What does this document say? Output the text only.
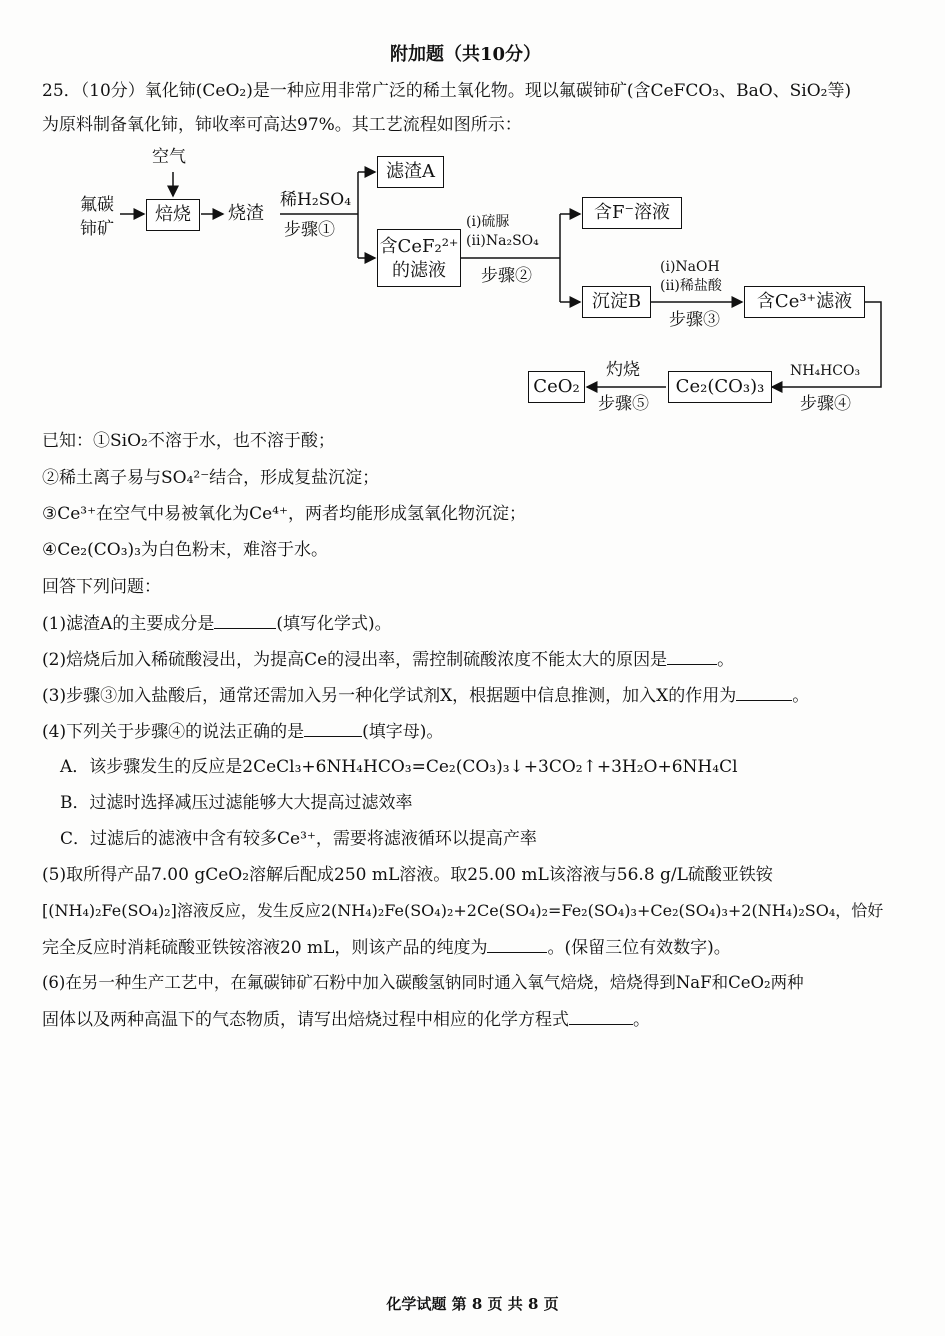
附加题（共10分）
25．（10分）氧化铈(CeO₂)是一种应用非常广泛的稀土氧化物。现以氟碳铈矿(含CeFCO₃、BaO、SiO₂等)
为原料制备氧化铈，铈收率可高达97%。其工艺流程如图所示：
空气
氟碳铈矿
焙烧	烧渣
稀H₂SO₄
步骤①
滤渣A
含CeF₂²⁺的滤液
(i)硫脲
(ii)Na₂SO₄
步骤②
含F⁻溶液
沉淀B
(i)NaOH
(ii)稀盐酸
步骤③
含Ce³⁺滤液
NH₄HCO₃
步骤④
Ce₂(CO₃)₃
灼烧
步骤⑤
CeO₂
已知：①SiO₂不溶于水，也不溶于酸；
②稀土离子易与SO₄²⁻结合，形成复盐沉淀；
③Ce³⁺在空气中易被氧化为Ce⁴⁺，两者均能形成氢氧化物沉淀；
④Ce₂(CO₃)₃为白色粉末，难溶于水。
回答下列问题：
(1)滤渣A的主要成分是	(填写化学式)。
(2)焙烧后加入稀硫酸浸出，为提高Ce的浸出率，需控制硫酸浓度不能太大的原因是	。
(3)步骤③加入盐酸后，通常还需加入另一种化学试剂X，根据题中信息推测，加入X的作用为	。
(4)下列关于步骤④的说法正确的是	(填字母)。
A．该步骤发生的反应是2CeCl₃+6NH₄HCO₃=Ce₂(CO₃)₃↓+3CO₂↑+3H₂O+6NH₄Cl
B．过滤时选择减压过滤能够大大提高过滤效率
C．过滤后的滤液中含有较多Ce³⁺，需要将滤液循环以提高产率
(5)取所得产品7.00 gCeO₂溶解后配成250 mL溶液。取25.00 mL该溶液与56.8 g/L硫酸亚铁铵
[(NH₄)₂Fe(SO₄)₂]溶液反应，发生反应2(NH₄)₂Fe(SO₄)₂+2Ce(SO₄)₂=Fe₂(SO₄)₃+Ce₂(SO₄)₃+2(NH₄)₂SO₄，恰好
完全反应时消耗硫酸亚铁铵溶液20 mL，则该产品的纯度为	。(保留三位有效数字)。
(6)在另一种生产工艺中，在氟碳铈矿石粉中加入碳酸氢钠同时通入氧气焙烧，焙烧得到NaF和CeO₂两种
固体以及两种高温下的气态物质，请写出焙烧过程中相应的化学方程式	。
化学试题 第 8 页 共 8 页
